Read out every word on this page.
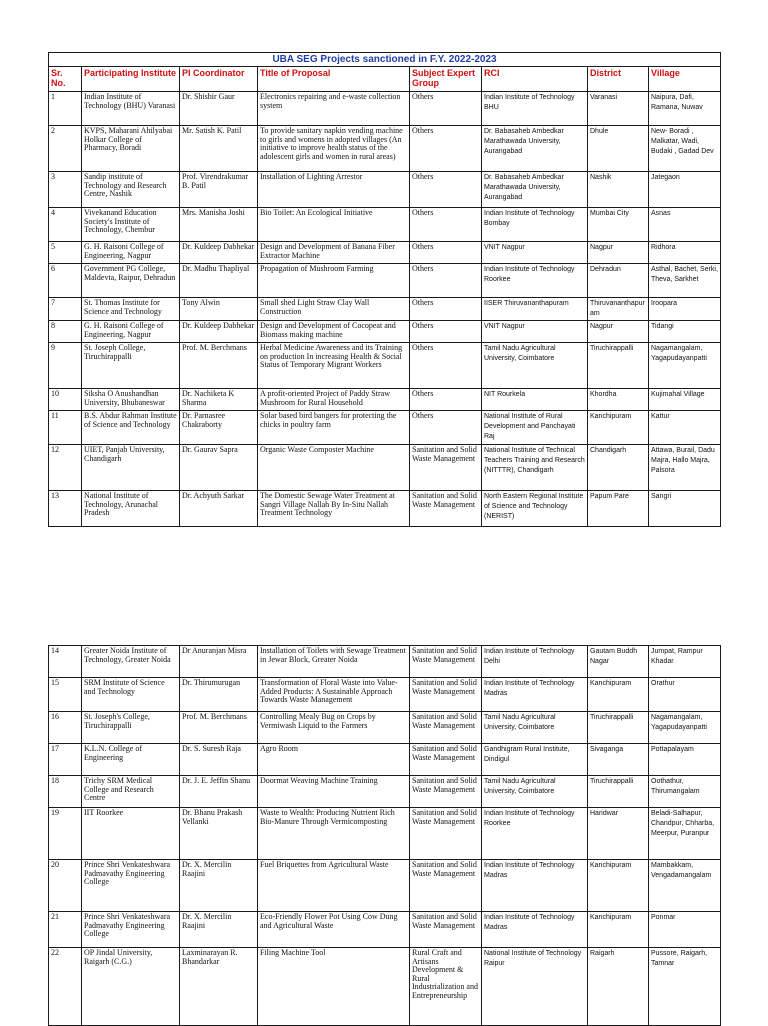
UBA SEG Projects sanctioned in F.Y. 2022-2023							
Sr. No.	Participating Institute	PI Coordinator	Title of Proposal	Subject Expert Group	RCI	District	Village
1	Indian Institute of Technology (BHU) Varanasi	Dr. Shishir Gaur	Electronics repairing and e-waste collection system	Others	Indian Institute of Technology BHU	Varanasi	Naipura, Dafi, Ramana, Nuwav
2	KVPS, Maharani Ahilyabai Holkar College of Pharmacy, Boradi	Mr. Satish K. Patil	To provide sanitary napkin vending machine to girls and womens in adopted villages (An initiative to improve health status of the adolescent girls and women in rural areas)	Others	Dr. Babasaheb Ambedkar Marathawada University, Aurangabad	Dhule	New- Boradi , Malkatar, Wadi, Budaki , Gadad Dev
3	Sandip institute of Technology and Research Centre, Nashik	Prof. Virendrakumar B. Patil	Installation of Lighting Arrestor	Others	Dr. Babasaheb Ambedkar Marathawada University, Aurangabad	Nashik	Jategaon
4	Vivekanand Education Society's Institute of Technology, Chembur	Mrs. Manisha Joshi	Bio Toilet: An Ecological Initiative	Others	Indian Institute of Technology Bombay	Mumbai City	Asnas
5	G. H. Raisoni College of Engineering, Nagpur	Dr. Kuldeep Dabhekar	Design and Development of Banana Fiber Extractor Machine	Others	VNIT Nagpur	Nagpur	Ridhora
6	Government PG College, Maldevta, Raipur, Dehradun	Dr. Madhu Thapliyal	Propagation of Mushroom Farming	Others	Indian Institute of Technology Roorkee	Dehradun	Asthal, Bachet, Serki, Theva, Sarkhet
7	St. Thomas Institute for Science and Technology	Tony Alwin	Small shed Light Straw Clay Wall Construction	Others	IISER Thiruvananthapuram	Thiruvananthapuram	Iroopara
8	G. H. Raisoni College of Engineering, Nagpur	Dr. Kuldeep Dabhekar	Design and Development of Cocopeat and Biomass making machine	Others	VNIT Nagpur	Nagpur	Tidangi
9	St. Joseph College, Tiruchirappalli	Prof. M. Berchmans	Herbal Medicine Awareness and its Training on production In increasing Health & Social Status of Temporary Migrant Workers	Others	Tamil Nadu Agricultural University, Coimbatore	Tiruchirappalli	Nagamangalam, Yagapudayanpatti
10	Siksha O Anushandhan University, Bhubaneswar	Dr. Nachiketa K Sharma	A profit-oriented Project of Paddy Straw Mushroom for Rural Household	Others	NIT Rourkela	Khordha	Kujimahal Village
11	B.S. Abdur Rahman Institute of Science and Technology	Dr. Parnasree Chakraborty	Solar based bird bangers for protecting the chicks in poultry farm	Others	National Institute of Rural Development and Panchayati Raj	Kanchipuram	Kattur
12	UIET, Panjab University, Chandigarh	Dr. Gaurav Sapra	Organic Waste Composter Machine	Sanitation and Solid Waste Management	National Institute of Technical Teachers Training and Research (NITTTR), Chandigarh	Chandigarh	Attawa, Burail, Dadu Majra, Hallo Majra, Palsora
13	National Institute of Technology, Arunachal Pradesh	Dr. Achyuth Sarkar	The Domestic Sewage Water Treatment at Sangri Village Nallah By In-Situ Nallah Treatment Technology	Sanitation and Solid Waste Management	North Eastern Regional Institute of Science and Technology (NERIST)	Papum Pare	Sangri
14	Greater Noida Institute of Technology, Greater Noida	Dr Anuranjan Misra	Installation of Toilets with Sewage Treatment in Jewar Block, Greater Noida	Sanitation and Solid Waste Management	Indian Institute of Technology Delhi	Gautam Buddh Nagar	Jumpat, Rampur Khadar
15	SRM Institute of Science and Technology	Dr. Thirumurugan	Transformation of Floral Waste into Value-Added Products: A Sustainable Approach Towards Waste Management	Sanitation and Solid Waste Management	Indian Institute of Technology Madras	Kanchipuram	Orathur
16	St. Joseph's College, Tiruchirappalli	Prof. M. Berchmans	Controlling Mealy Bug on Crops by Vermiwash Liquid to the Farmers	Sanitation and Solid Waste Management	Tamil Nadu Agricultural University, Coimbatore	Tiruchirappalli	Nagamangalam, Yagapudayanpatti
17	K.L.N. College of Engineering	Dr. S. Suresh Raja	Agro Room	Sanitation and Solid Waste Management	Gandhigram Rural Institute, Dindigul	Sivaganga	Pottapalayam
18	Trichy SRM Medical College and Research Centre	Dr. J. E. Jeffin Shanu	Doormat Weaving Machine Training	Sanitation and Solid Waste Management	Tamil Nadu Agricultural University, Coimbatore	Tiruchirappalli	Oothathur, Thirumangalam
19	IIT Roorkee	Dr. Bhanu Prakash Vellanki	Waste to Wealth: Producing Nutrient Rich Bio-Manure Through Vermicomposting	Sanitation and Solid Waste Management	Indian Institute of Technology Roorkee	Haridwar	Beladi-Salhapur, Chandpur, Chharba, Meerpur, Puranpur
20	Prince Shri Venkateshwara Padmavathy Engineering College	Dr. X. Mercilin Raajini	Fuel Briquettes from Agricultural Waste	Sanitation and Solid Waste Management	Indian Institute of Technology Madras	Kanchipuram	Mambakkam, Vengadamangalam
21	Prince Shri Venkateshwara Padmavathy Engineering College	Dr. X. Mercilin Raajini	Eco-Friendly Flower Pot Using Cow Dung and Agricultural Waste	Sanitation and Solid Waste Management	Indian Institute of Technology Madras	Kanchipuram	Ponmar
22	OP Jindal University, Raigarh (C.G.)	Laxminarayan R. Bhandarkar	Filing Machine Tool	Rural Craft and Artisans Development & Rural Industrialization and Entrepreneurship	National Institute of Technology Raipur	Raigarh	Pussore, Raigarh, Tamnar
